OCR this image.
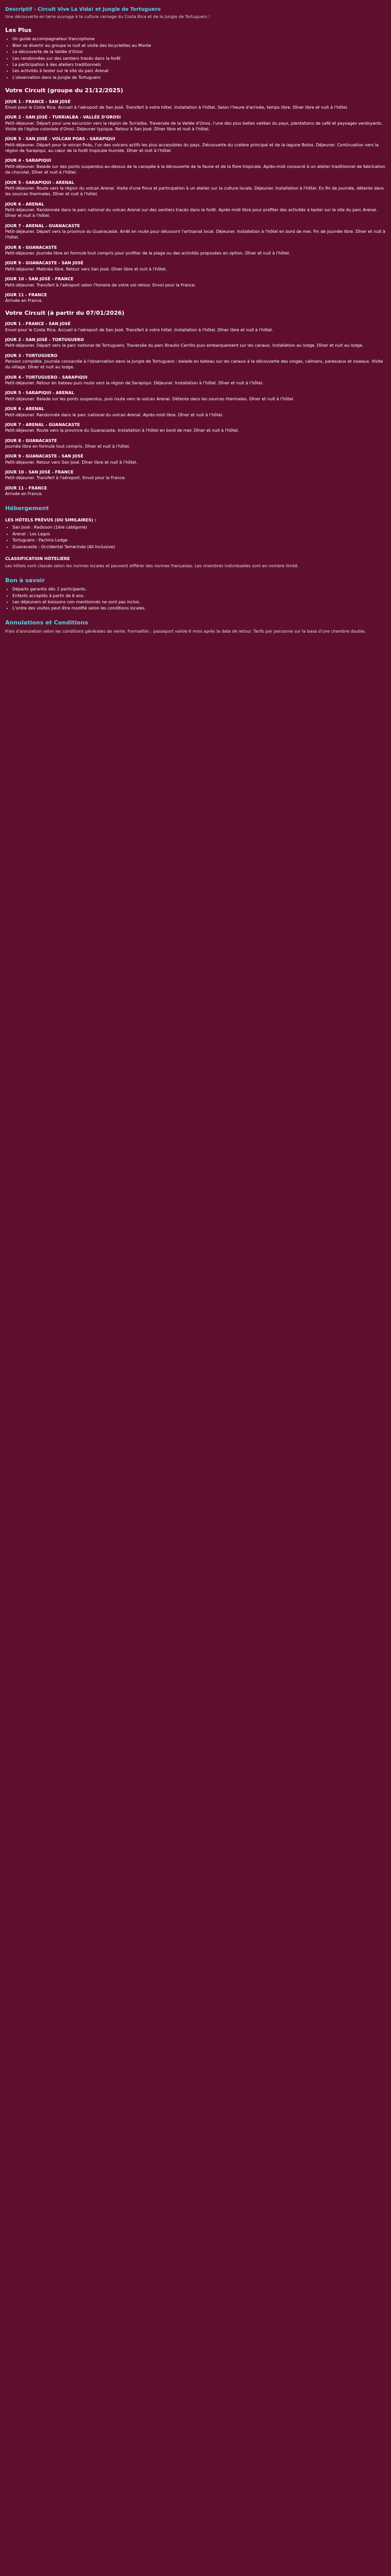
Descriptif - Circuit Vive La Vida! et Jungle de Tortuguero
Une découverte en terre ouvrage à la culture carnage du Costa Rica et de la Jungle de Tortuguero !
Les Plus
• Un guide accompagnateur francophone
• Bien se divertir au groupe la nuit et visite des bicyclettes au Monte
• La découverte de la Vallée d'Orosi
• Les randonnées sur des sentiers tracés dans la forêt
• La participation à des ateliers traditionnels
• Les activités à tester sur le site du parc Arenal
• L'observation dans la Jungle de Tortuguero
Votre Circuit (groupe du 21/12/2025)
JOUR 1 - FRANCE - SAN JOSÉ

Envol pour le Costa Rica. Accueil à l'aéroport de San José. Transfert à votre hôtel. Installation à l'hôtel. Selon l'heure d'arrivée, temps libre. Dîner libre et nuit à l'hôtel.

JOUR 2 - SAN JOSÉ - TURRIALBA - VALLÉE D'OROSI

Petit-déjeuner. Départ pour une excursion vers la région de Turrialba. Traversée de la Vallée d'Orosi, l'une des plus belles vallées du pays, plantations de café et paysages verdoyants. Visite de l'église coloniale d'Orosi. Déjeuner typique. Retour à San José. Dîner libre et nuit à l'hôtel.

JOUR 3 - SAN JOSÉ - VOLCAN POAS - SARAPIQUI

Petit-déjeuner. Départ pour le volcan Poás, l'un des volcans actifs les plus accessibles du pays. Découverte du cratère principal et de la lagune Botos. Déjeuner. Continuation vers la région de Sarapiqui, au cœur de la forêt tropicale humide. Dîner et nuit à l'hôtel.

JOUR 4 - SARAPIQUI

Petit-déjeuner. Balade sur des ponts suspendus au-dessus de la canopée à la découverte de la faune et de la flore tropicale. Après-midi consacré à un atelier traditionnel de fabrication de chocolat. Dîner et nuit à l'hôtel.

JOUR 5 - SARAPIQUI - ARENAL

Petit-déjeuner. Route vers la région du volcan Arenal. Visite d'une finca et participation à un atelier sur la culture locale. Déjeuner. Installation à l'hôtel. En fin de journée, détente dans les sources thermales. Dîner et nuit à l'hôtel.

JOUR 6 - ARENAL

Petit-déjeuner. Randonnée dans le parc national du volcan Arenal sur des sentiers tracés dans la forêt. Après-midi libre pour profiter des activités à tester sur le site du parc Arenal. Dîner et nuit à l'hôtel.

JOUR 7 - ARENAL - GUANACASTE

Petit-déjeuner. Départ vers la province du Guanacaste. Arrêt en route pour découvrir l'artisanat local. Déjeuner. Installation à l'hôtel en bord de mer. Fin de journée libre. Dîner et nuit à l'hôtel.

JOUR 8 - GUANACASTE

Petit-déjeuner. Journée libre en formule tout compris pour profiter de la plage ou des activités proposées en option. Dîner et nuit à l'hôtel.

JOUR 9 - GUANACASTE - SAN JOSÉ

Petit-déjeuner. Matinée libre. Retour vers San José. Dîner libre et nuit à l'hôtel.

JOUR 10 - SAN JOSÉ - FRANCE

Petit-déjeuner. Transfert à l'aéroport selon l'horaire de votre vol retour. Envol pour la France.

JOUR 11 - FRANCE

Arrivée en France.

Votre Circuit (à partir du 07/01/2026)
JOUR 1 - FRANCE - SAN JOSÉ

Envol pour le Costa Rica. Accueil à l'aéroport de San José. Transfert à votre hôtel. Installation à l'hôtel. Dîner libre et nuit à l'hôtel.

JOUR 2 - SAN JOSÉ - TORTUGUERO

Petit-déjeuner. Départ vers le parc national de Tortuguero. Traversée du parc Braulio Carrillo puis embarquement sur les canaux. Installation au lodge. Dîner et nuit au lodge.

JOUR 3 - TORTUGUERO

Pension complète. Journée consacrée à l'observation dans la Jungle de Tortuguero : balade en bateau sur les canaux à la découverte des singes, caïmans, paresseux et oiseaux. Visite du village. Dîner et nuit au lodge.

JOUR 4 - TORTUGUERO - SARAPIQUI

Petit-déjeuner. Retour en bateau puis route vers la région de Sarapiqui. Déjeuner. Installation à l'hôtel. Dîner et nuit à l'hôtel.

JOUR 5 - SARAPIQUI - ARENAL

Petit-déjeuner. Balade sur les ponts suspendus, puis route vers le volcan Arenal. Détente dans les sources thermales. Dîner et nuit à l'hôtel.

JOUR 6 - ARENAL

Petit-déjeuner. Randonnée dans le parc national du volcan Arenal. Après-midi libre. Dîner et nuit à l'hôtel.

JOUR 7 - ARENAL - GUANACASTE

Petit-déjeuner. Route vers la province du Guanacaste. Installation à l'hôtel en bord de mer. Dîner et nuit à l'hôtel.

JOUR 8 - GUANACASTE

Journée libre en formule tout compris. Dîner et nuit à l'hôtel.

JOUR 9 - GUANACASTE - SAN JOSÉ

Petit-déjeuner. Retour vers San José. Dîner libre et nuit à l'hôtel.

JOUR 10 - SAN JOSÉ - FRANCE

Petit-déjeuner. Transfert à l'aéroport. Envol pour la France.

JOUR 11 - FRANCE

Arrivée en France.

Hébergement
LES HÔTELS PRÉVUS (OU SIMILAIRES) :
• San José : Radisson (1ère catégorie)
• Arenal : Los Lagos
• Tortuguero : Pachira Lodge
• Guanacaste : Occidental Tamarindo (All Inclusive)
CLASSIFICATION HÔTELIÈRE

Les hôtels sont classés selon les normes locales et peuvent différer des normes françaises. Les chambres individuelles sont en nombre limité.

Bon à savoir
• Départs garantis dès 2 participants.
• Enfants acceptés à partir de 6 ans.
• Les déjeuners et boissons non mentionnés ne sont pas inclus.
• L'ordre des visites peut être modifié selon les conditions locales.
Annulations et Conditions

Frais d'annulation selon les conditions générales de vente. Formalités : passeport valide 6 mois après la date de retour. Tarifs par personne sur la base d'une chambre double.
